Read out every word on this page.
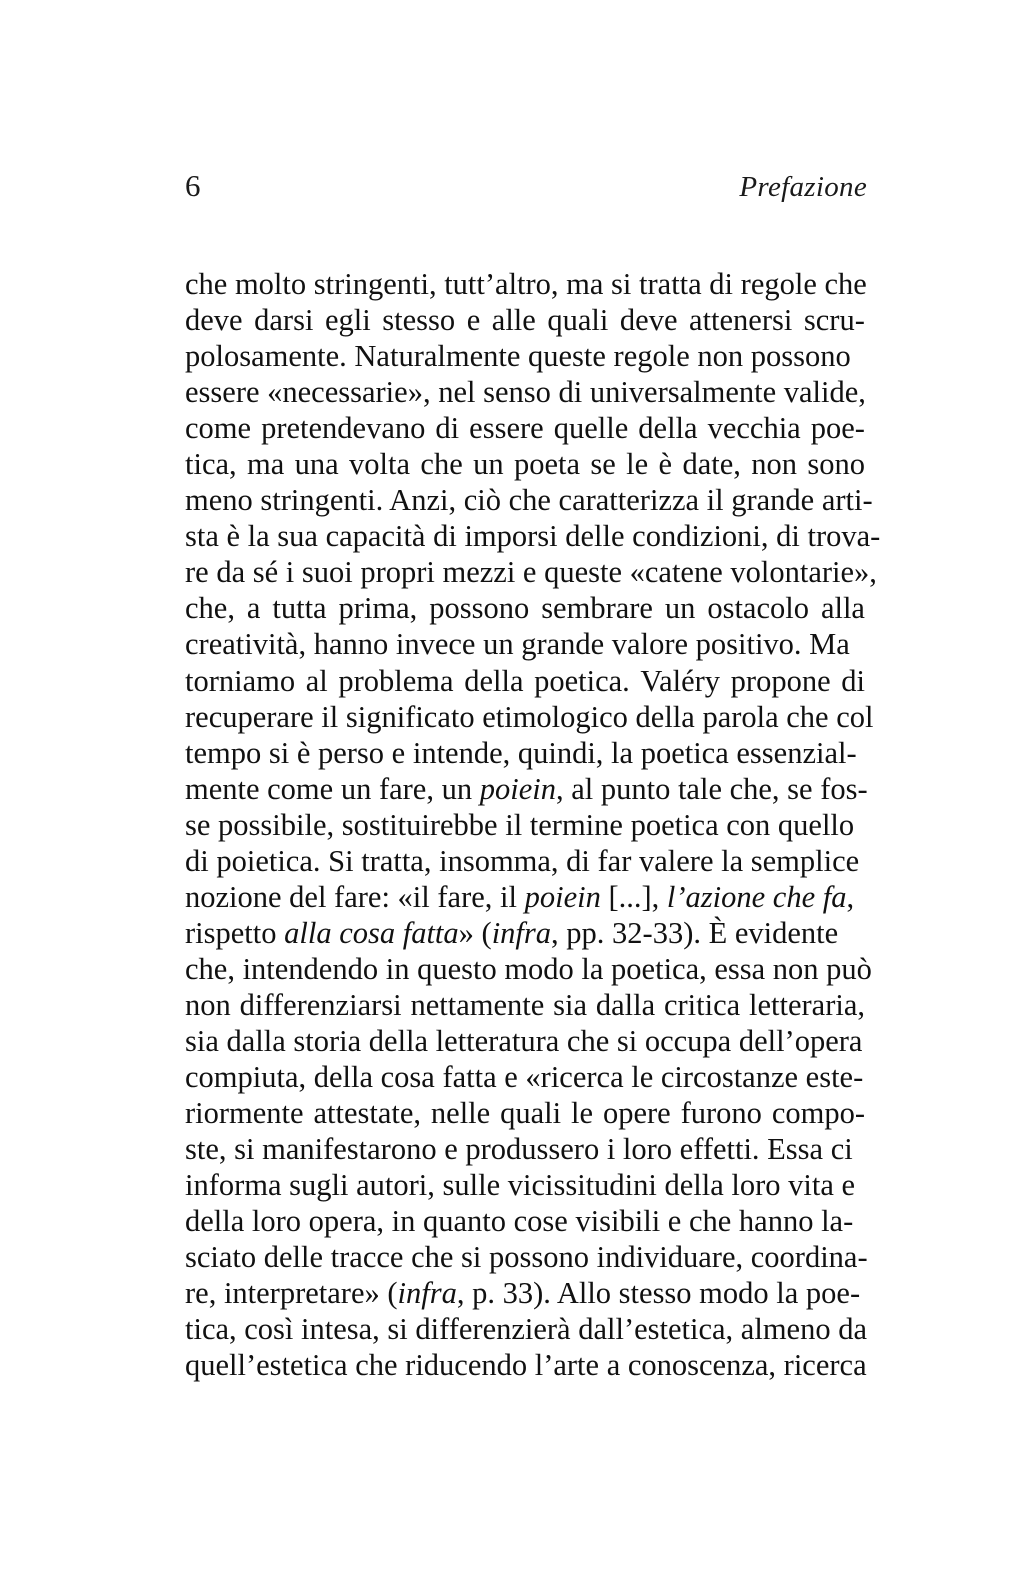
6	Prefazione
che molto stringenti, tutt’altro, ma si tratta di regole che
deve darsi egli stesso e alle quali deve attenersi scru-
polosamente. Naturalmente queste regole non possono
essere «necessarie», nel senso di universalmente valide,
come pretendevano di essere quelle della vecchia poe-
tica, ma una volta che un poeta se le è date, non sono
meno stringenti. Anzi, ciò che caratterizza il grande arti-
sta è la sua capacità di imporsi delle condizioni, di trova-
re da sé i suoi propri mezzi e queste «catene volontarie»,
che, a tutta prima, possono sembrare un ostacolo alla
creatività, hanno invece un grande valore positivo. Ma
torniamo al problema della poetica. Valéry propone di
recuperare il significato etimologico della parola che col
tempo si è perso e intende, quindi, la poetica essenzial-
mente come un fare, un poiein, al punto tale che, se fos-
se possibile, sostituirebbe il termine poetica con quello
di poietica. Si tratta, insomma, di far valere la semplice
nozione del fare: «il fare, il poiein [...], l’azione che fa,
rispetto alla cosa fatta» (infra, pp. 32-33). È evidente
che, intendendo in questo modo la poetica, essa non può
non differenziarsi nettamente sia dalla critica letteraria,
sia dalla storia della letteratura che si occupa dell’opera
compiuta, della cosa fatta e «ricerca le circostanze este-
riormente attestate, nelle quali le opere furono compo-
ste, si manifestarono e produssero i loro effetti. Essa ci
informa sugli autori, sulle vicissitudini della loro vita e
della loro opera, in quanto cose visibili e che hanno la-
sciato delle tracce che si possono individuare, coordina-
re, interpretare» (infra, p. 33). Allo stesso modo la poe-
tica, così intesa, si differenzierà dall’estetica, almeno da
quell’estetica che riducendo l’arte a conoscenza, ricerca
